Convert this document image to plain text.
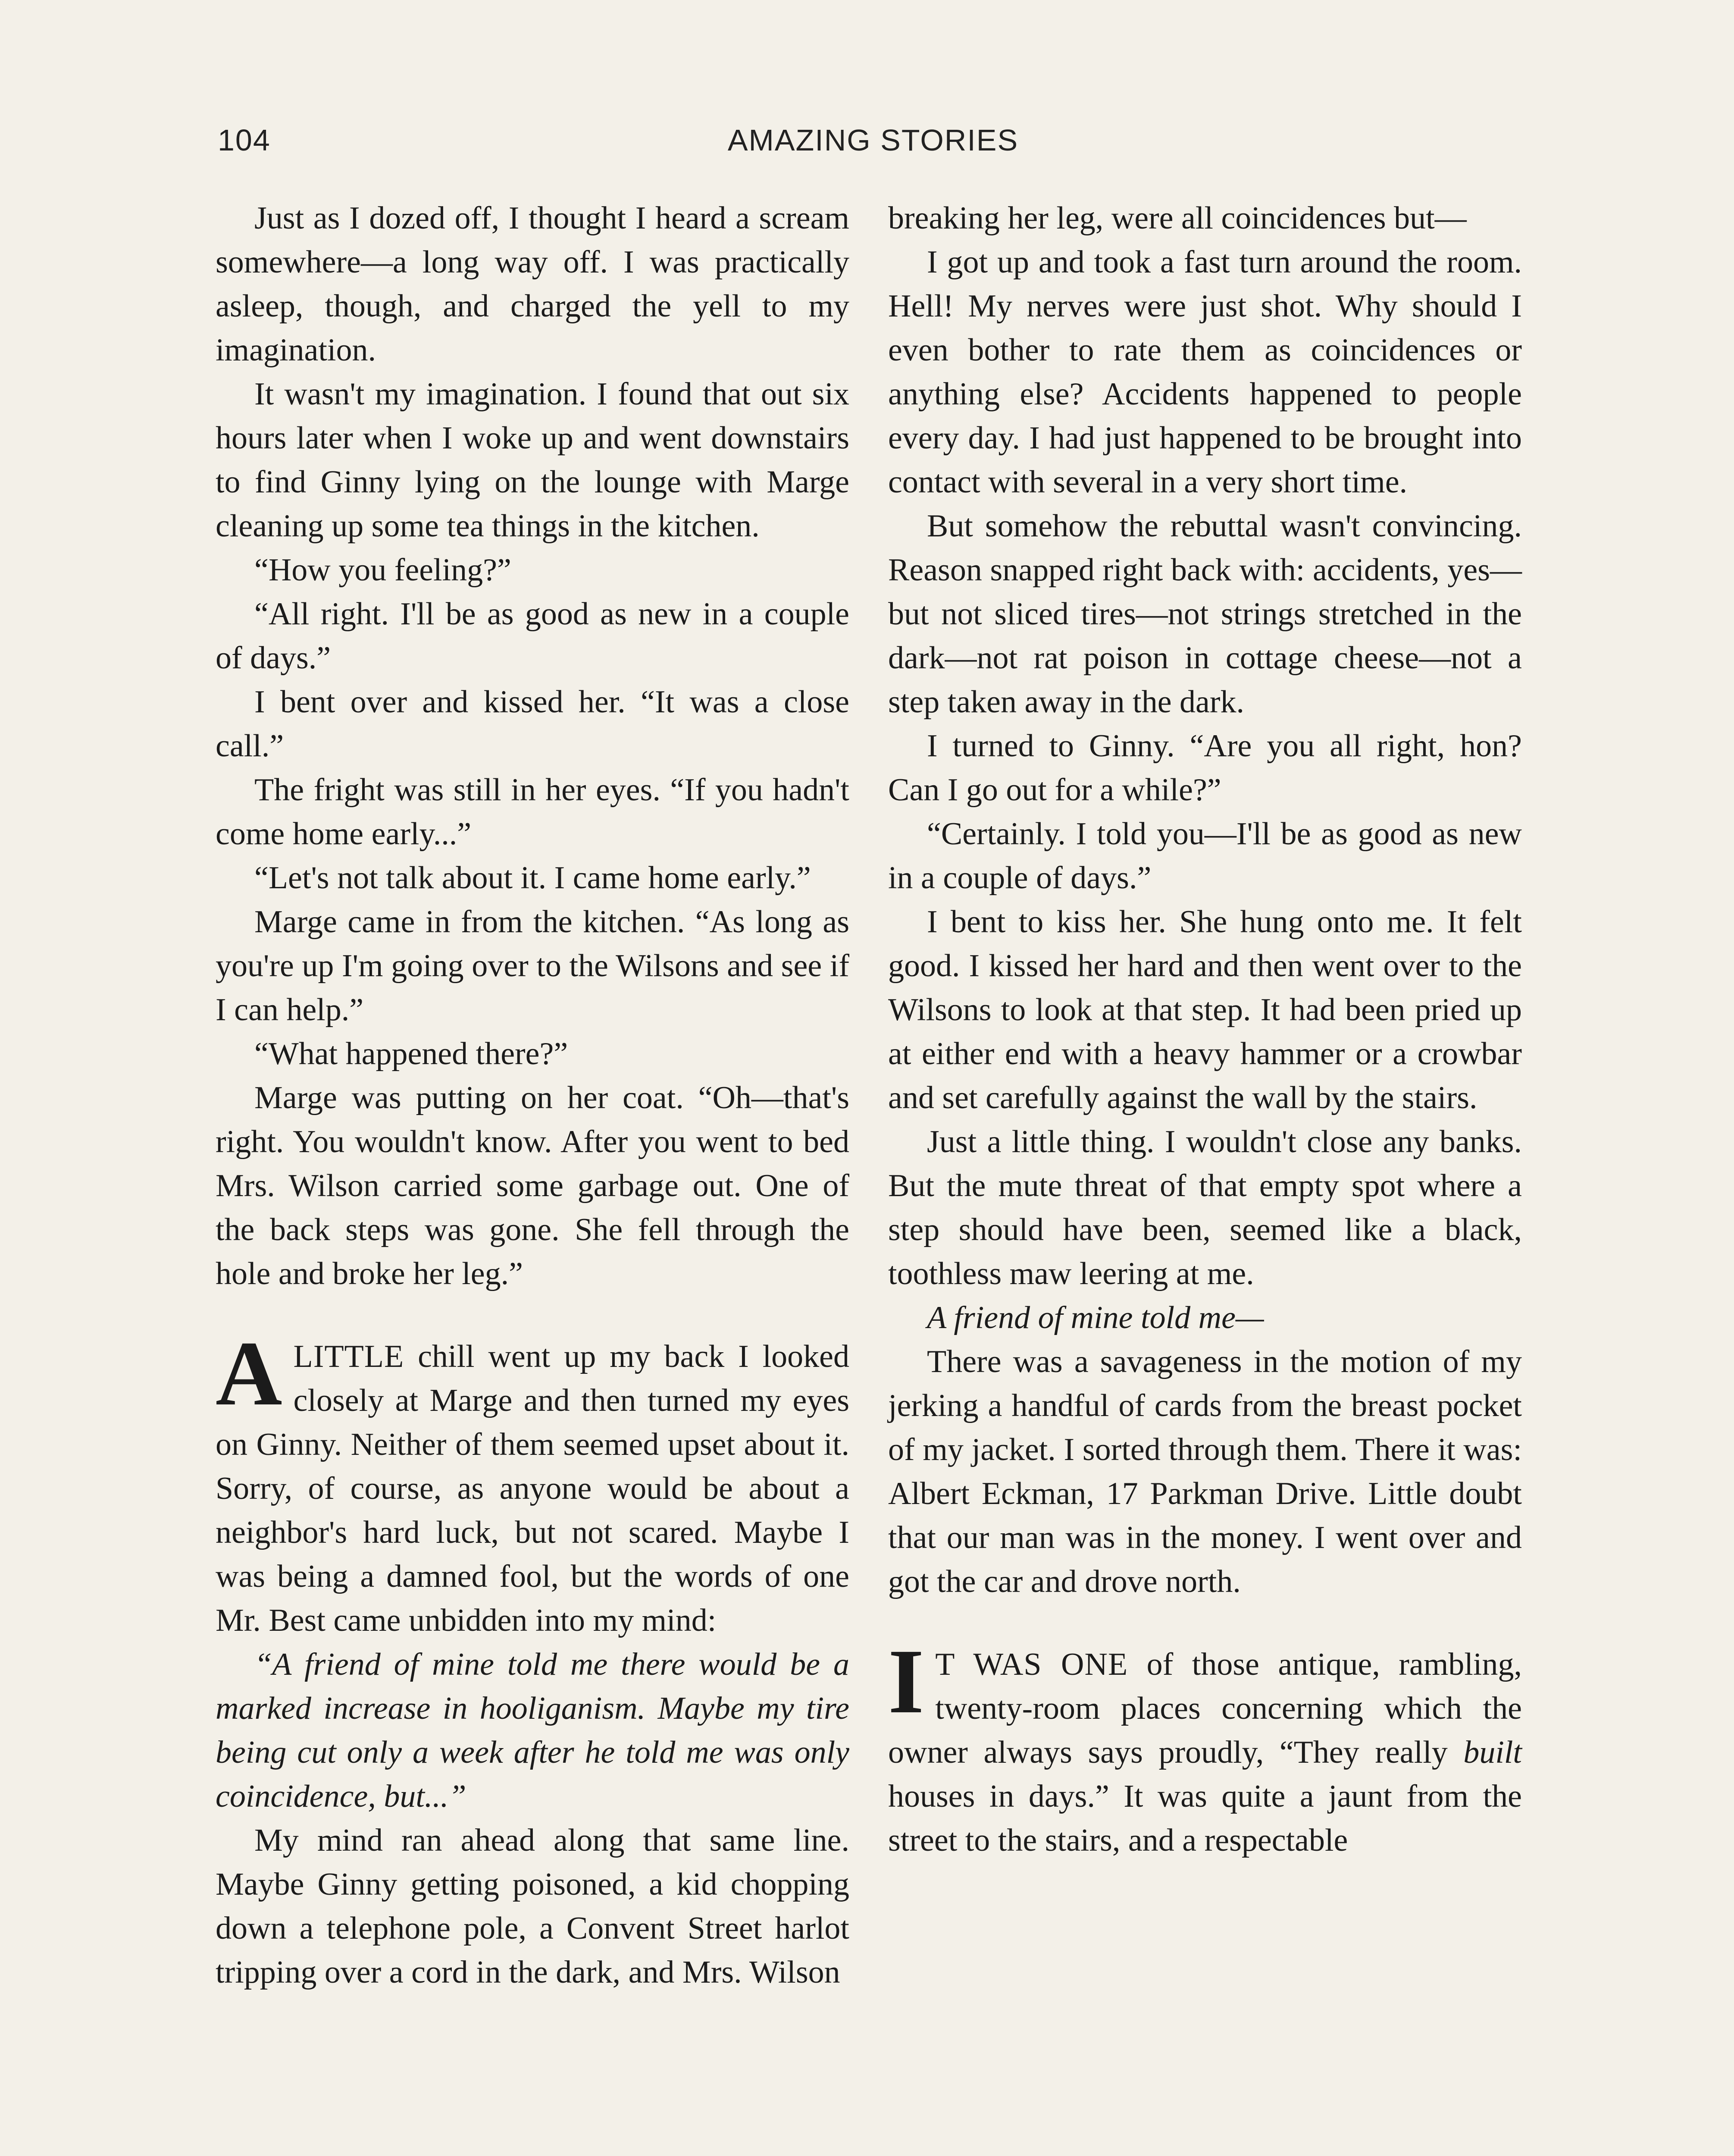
104	AMAZING STORIES

Just as I dozed off, I thought I heard a scream somewhere—a long way off. I was practically asleep, though, and charged the yell to my imagination.

It wasn't my imagination. I found that out six hours later when I woke up and went downstairs to find Ginny lying on the lounge with Marge cleaning up some tea things in the kitchen.

“How you feeling?”

“All right. I'll be as good as new in a couple of days.”

I bent over and kissed her. “It was a close call.”

The fright was still in her eyes. “If you hadn't come home early...”

“Let's not talk about it. I came home early.”

Marge came in from the kitchen. “As long as you're up I'm going over to the Wilsons and see if I can help.”

“What happened there?”

Marge was putting on her coat. “Oh—that's right. You wouldn't know. After you went to bed Mrs. Wilson carried some garbage out. One of the back steps was gone. She fell through the hole and broke her leg.”

ALITTLE chill went up my back I looked closely at Marge and then turned my eyes on Ginny. Neither of them seemed upset about it. Sorry, of course, as anyone would be about a neighbor's hard luck, but not scared. Maybe I was being a damned fool, but the words of one Mr. Best came unbidden into my mind:

“A friend of mine told me there would be a marked increase in hooliganism. Maybe my tire being cut only a week after he told me was only coincidence, but...”

My mind ran ahead along that same line. Maybe Ginny getting poisoned, a kid chopping down a telephone pole, a Convent Street harlot tripping over a cord in the dark, and Mrs. Wilson

breaking her leg, were all coincidences but—

I got up and took a fast turn around the room. Hell! My nerves were just shot. Why should I even bother to rate them as coincidences or anything else? Accidents happened to people every day. I had just happened to be brought into contact with several in a very short time.

But somehow the rebuttal wasn't convincing. Reason snapped right back with: accidents, yes—but not sliced tires—not strings stretched in the dark—not rat poison in cottage cheese—not a step taken away in the dark.

I turned to Ginny. “Are you all right, hon? Can I go out for a while?”

“Certainly. I told you—I'll be as good as new in a couple of days.”

I bent to kiss her. She hung onto me. It felt good. I kissed her hard and then went over to the Wilsons to look at that step. It had been pried up at either end with a heavy hammer or a crowbar and set carefully against the wall by the stairs.

Just a little thing. I wouldn't close any banks. But the mute threat of that empty spot where a step should have been, seemed like a black, toothless maw leering at me.

A friend of mine told me—

There was a savageness in the motion of my jerking a handful of cards from the breast pocket of my jacket. I sorted through them. There it was: Albert Eckman, 17 Parkman Drive. Little doubt that our man was in the money. I went over and got the car and drove north.

I T WAS ONE of those antique, rambling, twenty-room places concerning which the owner always says proudly, “They really built houses in days.” It was quite a jaunt from the street to the stairs, and a respectable
